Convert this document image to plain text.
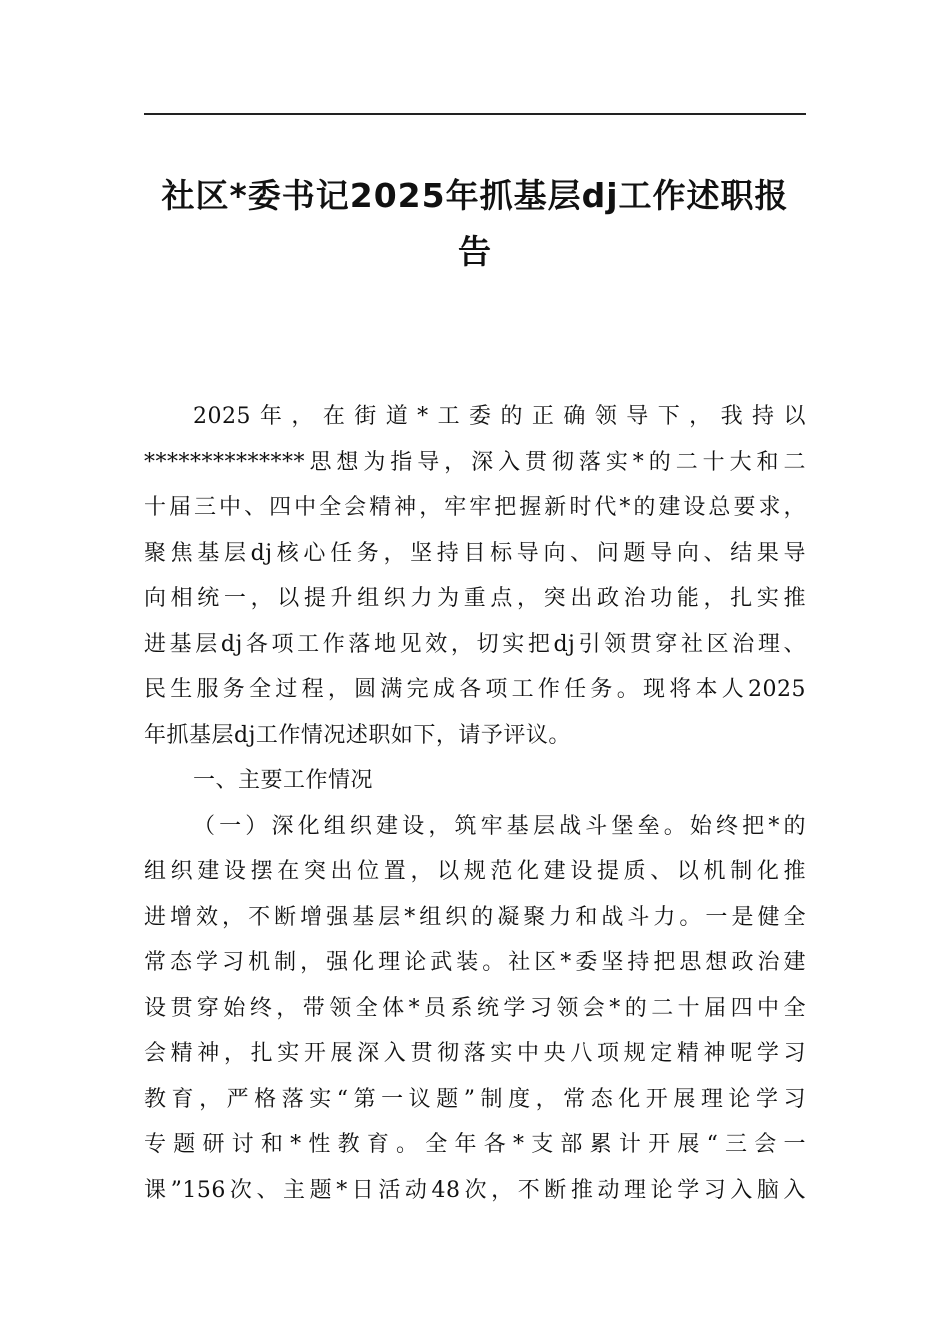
社区*委书记2025年抓基层dj工作述职报
告
2025年，在街道*工委的正确领导下，我持以
**************思想为指导，深入贯彻落实*的二十大和二
十届三中、四中全会精神，牢牢把握新时代*的建设总要求，
聚焦基层dj核心任务，坚持目标导向、问题导向、结果导
向相统一，以提升组织力为重点，突出政治功能，扎实推
进基层dj各项工作落地见效，切实把dj引领贯穿社区治理、
民生服务全过程，圆满完成各项工作任务。现将本人2025
年抓基层dj工作情况述职如下，请予评议。
一、主要工作情况
（一）深化组织建设，筑牢基层战斗堡垒。始终把*的
组织建设摆在突出位置，以规范化建设提质、以机制化推
进增效，不断增强基层*组织的凝聚力和战斗力。一是健全
常态学习机制，强化理论武装。社区*委坚持把思想政治建
设贯穿始终，带领全体*员系统学习领会*的二十届四中全
会精神，扎实开展深入贯彻落实中央八项规定精神呢学习
教育，严格落实“第一议题”制度，常态化开展理论学习
专题研讨和*性教育。全年各*支部累计开展“三会一
课”156次、主题*日活动48次，不断推动理论学习入脑入
